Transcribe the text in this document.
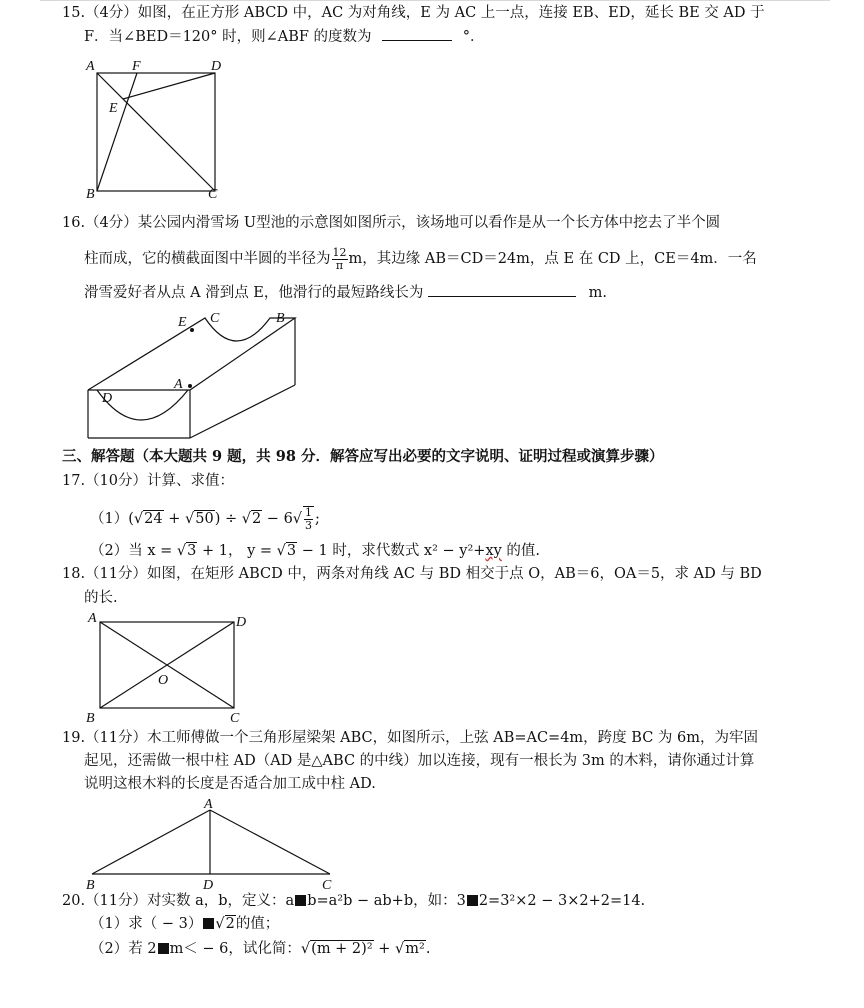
15.（4分）如图，在正方形 ABCD 中，AC 为对角线，E 为 AC 上一点，连接 EB、ED，延长 BE 交 AD 于
F．当∠BED＝120° 时，则∠ABF 的度数为	°．
A	F	D
E
B	C
16.（4分）某公园内滑雪场 U型池的示意图如图所示，该场地可以看作是从一个长方体中挖去了半个圆
柱而成，它的横截面图中半圆的半径为 $\frac{12}{\pi}$ m，其边缘 AB＝CD＝24m，点 E 在 CD 上，CE＝4m．一名
滑雪爱好者从点 A 滑到点 E，他滑行的最短路线长为	m.
E C	B
A
D
三、解答题（本大题共 9 题，共 98 分．解答应写出必要的文字说明、证明过程或演算步骤）
17.（10分）计算、求值：
$(1)(√24 + √50) \div √2 - 6√ \frac{1}{3}$ ;
（2）当 x = √3 + 1， y = √3 − 1 时，求代数式 x² − y²+xy 的值.
18.（11分）如图，在矩形 ABCD 中，两条对角线 AC 与 BD 相交于点 O，AB＝6，OA＝5，求 AD 与 BD
的长.
A	D
O
B	C
19.（11分）木工师傅做一个三角形屋梁架 ABC，如图所示，上弦 AB=AC=4m，跨度 BC 为 6m，为牢固
起见，还需做一根中柱 AD（AD 是△ABC 的中线）加以连接，现有一根长为 3m 的木料，请你通过计算
说明这根木料的长度是否适合加工成中柱 AD.
A
B	D	C
20.（11分）对实数 a，b，定义：a b=a²b − ab+b，如：3 2=3²×2 − 3×2+2=14.
（1）求（ − 3） √2的值；
（2）若 2 m＜ − 6，试化简：√(m + 2)² + √m².
